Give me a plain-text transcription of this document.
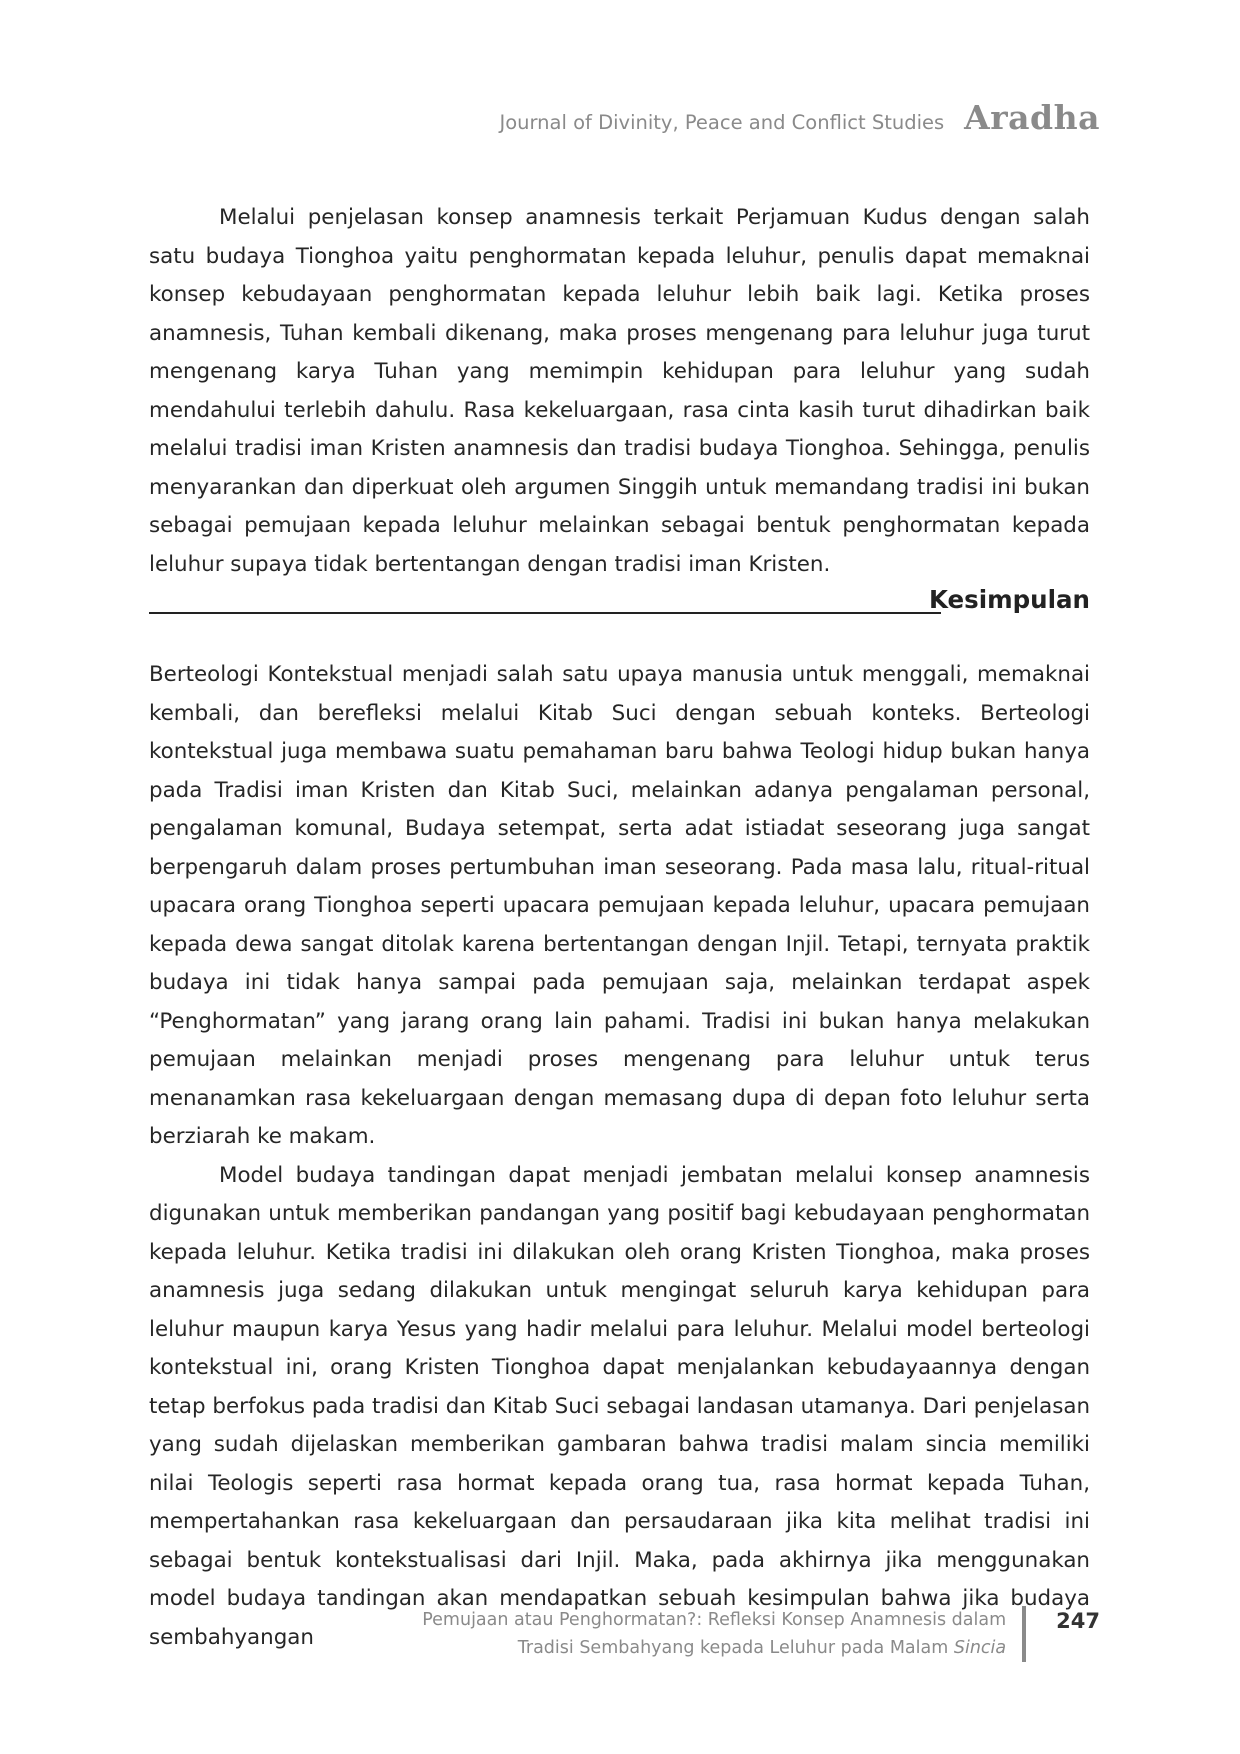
Journal of Divinity, Peace and Conflict Studies Aradha

Melalui penjelasan konsep anamnesis terkait Perjamuan Kudus dengan salah satu budaya Tionghoa yaitu penghormatan kepada leluhur, penulis dapat memaknai konsep kebudayaan penghormatan kepada leluhur lebih baik lagi. Ketika proses anamnesis, Tuhan kembali dikenang, maka proses mengenang para leluhur juga turut mengenang karya Tuhan yang memimpin kehidupan para leluhur yang sudah mendahului terlebih dahulu. Rasa kekeluargaan, rasa cinta kasih turut dihadirkan baik melalui tradisi iman Kristen anamnesis dan tradisi budaya Tionghoa. Sehingga, penulis menyarankan dan diperkuat oleh argumen Singgih untuk memandang tradisi ini bukan sebagai pemujaan kepada leluhur melainkan sebagai bentuk penghormatan kepada leluhur supaya tidak bertentangan dengan tradisi iman Kristen.

Kesimpulan

Berteologi Kontekstual menjadi salah satu upaya manusia untuk menggali, memaknai kembali, dan berefleksi melalui Kitab Suci dengan sebuah konteks. Berteologi kontekstual juga membawa suatu pemahaman baru bahwa Teologi hidup bukan hanya pada Tradisi iman Kristen dan Kitab Suci, melainkan adanya pengalaman personal, pengalaman komunal, Budaya setempat, serta adat istiadat seseorang juga sangat berpengaruh dalam proses pertumbuhan iman seseorang. Pada masa lalu, ritual-ritual upacara orang Tionghoa seperti upacara pemujaan kepada leluhur, upacara pemujaan kepada dewa sangat ditolak karena bertentangan dengan Injil. Tetapi, ternyata praktik budaya ini tidak hanya sampai pada pemujaan saja, melainkan terdapat aspek “Penghormatan” yang jarang orang lain pahami. Tradisi ini bukan hanya melakukan pemujaan melainkan menjadi proses mengenang para leluhur untuk terus menanamkan rasa kekeluargaan dengan memasang dupa di depan foto leluhur serta berziarah ke makam.

Model budaya tandingan dapat menjadi jembatan melalui konsep anamnesis digunakan untuk memberikan pandangan yang positif bagi kebudayaan penghormatan kepada leluhur. Ketika tradisi ini dilakukan oleh orang Kristen Tionghoa, maka proses anamnesis juga sedang dilakukan untuk mengingat seluruh karya kehidupan para leluhur maupun karya Yesus yang hadir melalui para leluhur. Melalui model berteologi kontekstual ini, orang Kristen Tionghoa dapat menjalankan kebudayaannya dengan tetap berfokus pada tradisi dan Kitab Suci sebagai landasan utamanya. Dari penjelasan yang sudah dijelaskan memberikan gambaran bahwa tradisi malam sincia memiliki nilai Teologis seperti rasa hormat kepada orang tua, rasa hormat kepada Tuhan, mempertahankan rasa kekeluargaan dan persaudaraan jika kita melihat tradisi ini sebagai bentuk kontekstualisasi dari Injil. Maka, pada akhirnya jika menggunakan model budaya tandingan akan mendapatkan sebuah kesimpulan bahwa jika budaya sembahyangan

Pemujaan atau Penghormatan?: Refleksi Konsep Anamnesis dalam
Tradisi Sembahyang kepada Leluhur pada Malam Sincia
247
